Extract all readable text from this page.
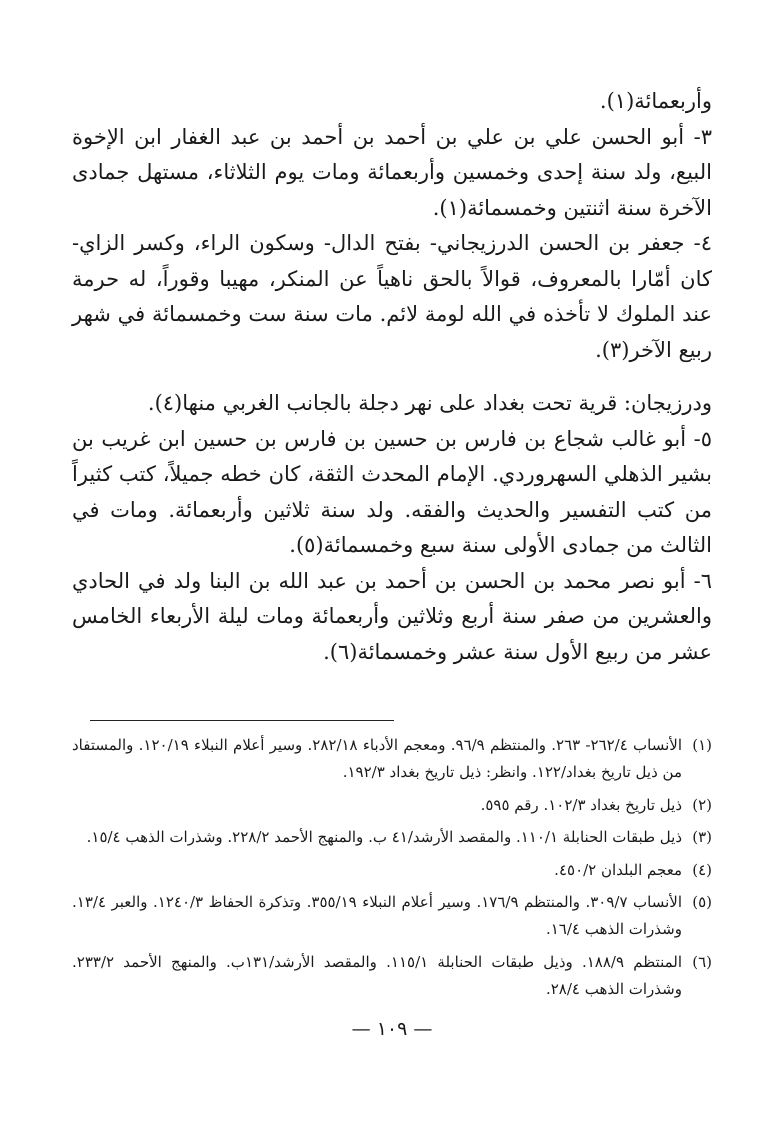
وأربعمائة(١).

٣- أبو الحسن علي بن علي بن أحمد بن أحمد بن عبد الغفار ابن الإخوة البيع، ولد سنة إحدى وخمسين وأربعمائة ومات يوم الثلاثاء، مستهل جمادى الآخرة سنة اثنتين وخمسمائة(١).

٤- جعفر بن الحسن الدرزيجاني- بفتح الدال- وسكون الراء، وكسر الزاي- كان أمّارا بالمعروف، قوالاً بالحق ناهياً عن المنكر، مهيبا وقوراً، له حرمة عند الملوك لا تأخذه في الله لومة لائم. مات سنة ست وخمسمائة في شهر ربيع الآخر(٣).

ودرزيجان: قرية تحت بغداد على نهر دجلة بالجانب الغربي منها(٤).

٥- أبو غالب شجاع بن فارس بن حسين بن فارس بن حسين ابن غريب بن بشير الذهلي السهروردي. الإمام المحدث الثقة، كان خطه جميلاً، كتب كثيراً من كتب التفسير والحديث والفقه. ولد سنة ثلاثين وأربعمائة. ومات في الثالث من جمادى الأولى سنة سبع وخمسمائة(٥).

٦- أبو نصر محمد بن الحسن بن أحمد بن عبد الله بن البنا ولد في الحادي والعشرين من صفر سنة أربع وثلاثين وأربعمائة ومات ليلة الأربعاء الخامس عشر من ربيع الأول سنة عشر وخمسمائة(٦).

(١)
الأنساب ٢٦٢/٤- ٢٦٣. والمنتظم ٩٦/٩. ومعجم الأدباء ٢٨٢/١٨. وسير أعلام النبلاء ١٢٠/١٩. والمستفاد من ذيل تاريخ بغداد/١٢٢. وانظر: ذيل تاريخ بغداد ١٩٢/٣.
(٢)
ذيل تاريخ بغداد ١٠٢/٣. رقم ٥٩٥.
(٣)
ذيل طبقات الحنابلة ١١٠/١. والمقصد الأرشد/٤١ ب. والمنهج الأحمد ٢٢٨/٢. وشذرات الذهب ١٥/٤.
(٤)
معجم البلدان ٤٥٠/٢.
(٥)
الأنساب ٣٠٩/٧. والمنتظم ١٧٦/٩. وسير أعلام النبلاء ٣٥٥/١٩. وتذكرة الحفاظ ١٢٤٠/٣. والعبر ١٣/٤. وشذرات الذهب ١٦/٤.
(٦)
المنتظم ١٨٨/٩. وذيل طبقات الحنابلة ١١٥/١. والمقصد الأرشد/١٣١ب. والمنهج الأحمد ٢٣٣/٢. وشذرات الذهب ٢٨/٤.
— ١٠٩ —
